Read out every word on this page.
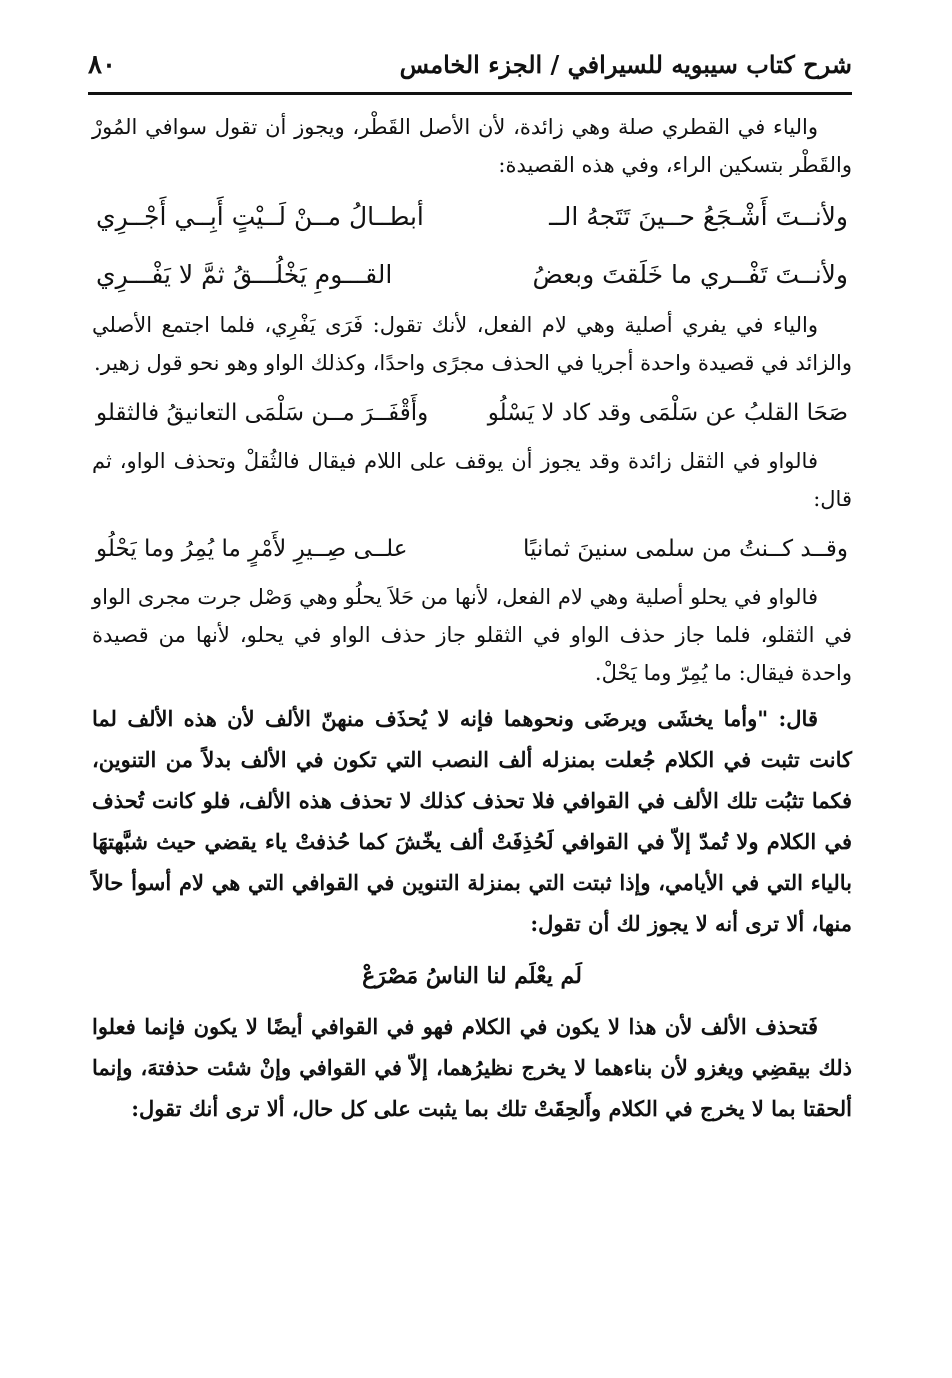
شرح كتاب سيبويه للسيرافي / الجزء الخامس
٨٠

والياء في القطري صلة وهي زائدة، لأن الأصل القَطْر، ويجوز أن تقول سوافي المُورْ والقَطْر بتسكين الراء، وفي هذه القصيدة:

ولأنــتَ أَشْـجَعُ حــينَ تَتَجهُ الــ
أبطــالُ مــنْ لَــيْتٍ أَبِــي أَجْــرِي
ولأنــتَ تَفْــري ما خَلَقتَ وبعضُ
القـــومِ يَخْلُـــقُ ثمَّ لا يَفْـــرِي

والياء في يفري أصلية وهي لام الفعل، لأنك تقول: فَرَى يَفْرِي، فلما اجتمع الأصلي والزائد في قصيدة واحدة أجريا في الحذف مجرًى واحدًا، وكذلك الواو وهو نحو قول زهير.

صَحَا القلبُ عن سَلْمَى وقد كاد لا يَسْلُو
وأَقْفَــرَ مــن سَلْمَى التعانيقُ فالثقلو

فالواو في الثقل زائدة وقد يجوز أن يوقف على اللام فيقال فالثُقلْ وتحذف الواو، ثم قال:

وقــد كــنتُ من سلمى سنينَ ثمانيًا
علــى صِــيرِ لأَمْرٍ ما يُمِرُ وما يَحْلُو

فالواو في يحلو أصلية وهي لام الفعل، لأنها من حَلاَ يحلُو وهي وَصْل جرت مجرى الواو في الثقلو، فلما جاز حذف الواو في الثقلو جاز حذف الواو في يحلو، لأنها من قصيدة واحدة فيقال: ما يُمِرّ وما يَحْلْ.

قال: "وأما يخشَى ويرضَى ونحوهما فإنه لا يُحذَف منهنّ الألف لأن هذه الألف لما كانت تثبت في الكلام جُعلت بمنزله ألف النصب التي تكون في الألف بدلاً من التنوين، فكما تثبُت تلك الألف في القوافي فلا تحذف كذلك لا تحذف هذه الألف، فلو كانت تُحذف في الكلام ولا تُمدّ إلاّ في القوافي لَحُذِفَتْ ألف يخّشَ كما حُذفتْ ياء يقضي حيث شبَّهتهَا بالياء التي في الأيامي، وإذا ثبتت التي بمنزلة التنوين في القوافي التي هي لام أسوأ حالاً منها، ألا ترى أنه لا يجوز لك أن تقول:

لَم يعْلَم لنا الناسُ مَصْرَعْ

فَتحذف الألف لأن هذا لا يكون في الكلام فهو في القوافي أيضًا لا يكون فإنما فعلوا ذلك بيقضِي ويغزو لأن بناءهما لا يخرج نظيرُهما، إلاّ في القوافي وإنْ شئت حذفتهَ، وإنما ألحقتا بما لا يخرج في الكلام وأَلحِقَتْ تلك بما يثبت على كل حال، ألا ترى أنك تقول:
